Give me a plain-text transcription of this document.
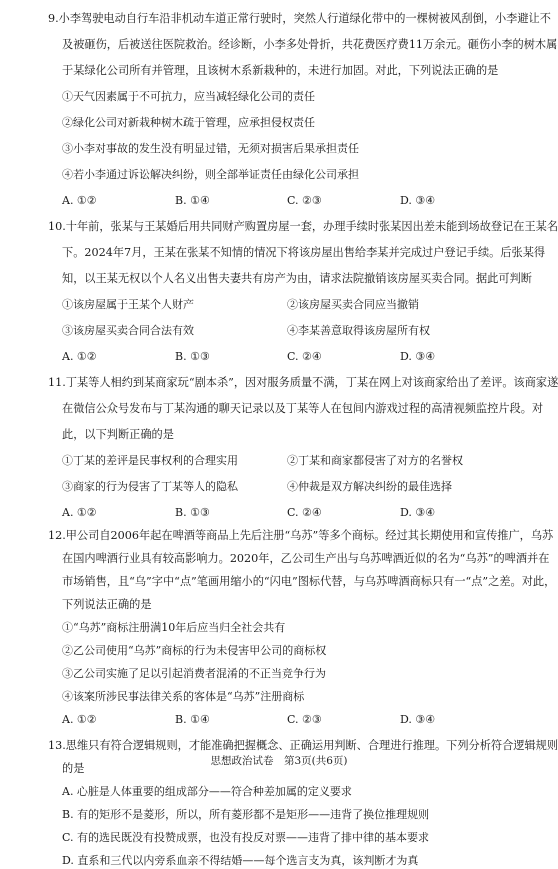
9.小李驾驶电动自行车沿非机动车道正常行驶时，突然人行道绿化带中的一棵树被风刮倒，小李避让不
及被砸伤，后被送往医院救治。经诊断，小李多处骨折，共花费医疗费11万余元。砸伤小李的树木属
于某绿化公司所有并管理，且该树木系新栽种的，未进行加固。对此，下列说法正确的是
①天气因素属于不可抗力，应当减轻绿化公司的责任
②绿化公司对新栽种树木疏于管理，应承担侵权责任
③小李对事故的发生没有明显过错，无须对损害后果承担责任
④若小李通过诉讼解决纠纷，则全部举证责任由绿化公司承担
A. ①②	B. ①④	C. ②③	D. ③④
10.十年前，张某与王某婚后用共同财产购置房屋一套，办理手续时张某因出差未能到场故登记在王某名
下。2024年7月，王某在张某不知情的情况下将该房屋出售给李某并完成过户登记手续。后张某得
知，以王某无权以个人名义出售夫妻共有房产为由，请求法院撤销该房屋买卖合同。据此可判断
①该房屋属于王某个人财产	②该房屋买卖合同应当撤销
③该房屋买卖合同合法有效	④李某善意取得该房屋所有权
A. ①②	B. ①③	C. ②④	D. ③④
11.丁某等人相约到某商家玩“剧本杀”，因对服务质量不满，丁某在网上对该商家给出了差评。该商家遂
在微信公众号发布与丁某沟通的聊天记录以及丁某等人在包间内游戏过程的高清视频监控片段。对
此，以下判断正确的是
①丁某的差评是民事权利的合理实用	②丁某和商家都侵害了对方的名誉权
③商家的行为侵害了丁某等人的隐私	④仲裁是双方解决纠纷的最佳选择
A. ①②	B. ①③	C. ②④	D. ③④
12.甲公司自2006年起在啤酒等商品上先后注册“乌苏”等多个商标。经过其长期使用和宣传推广，乌苏
在国内啤酒行业具有较高影响力。2020年，乙公司生产出与乌苏啤酒近似的名为“乌苏”的啤酒并在
市场销售，且“乌”字中“点”笔画用缩小的“闪电”图标代替，与乌苏啤酒商标只有一“点”之差。对此，
下列说法正确的是
①“乌苏”商标注册满10年后应当归全社会共有
②乙公司使用“乌苏”商标的行为未侵害甲公司的商标权
③乙公司实施了足以引起消费者混淆的不正当竞争行为
④该案所涉民事法律关系的客体是“乌苏”注册商标
A. ①②	B. ①④	C. ②③	D. ③④
13.思维只有符合逻辑规则，才能准确把握概念、正确运用判断、合理进行推理。下列分析符合逻辑规则
的是
A. 心脏是人体重要的组成部分——符合种差加属的定义要求
B. 有的矩形不是菱形，所以，所有菱形都不是矩形——违背了换位推理规则
C. 有的选民既没有投赞成票，也没有投反对票——违背了排中律的基本要求
D. 直系和三代以内旁系血亲不得结婚——每个选言支为真，该判断才为真
思想政治试卷　第3页(共6页)
